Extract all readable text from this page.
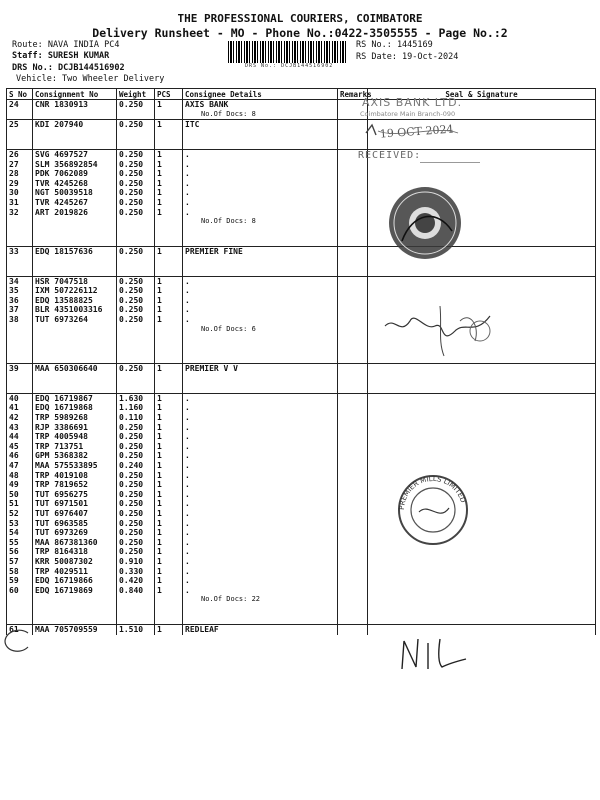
THE PROFESSIONAL COURIERS, COIMBATORE
Delivery Runsheet - MO - Phone No.:0422-3505555 - Page No.:2
Route: NAVA INDIA PC4
Staff: SURESH KUMAR
DRS No.: DCJB144516902
Vehicle: Two Wheeler Delivery
DRS No.: DCJB144516902
RS No.: 1445169
RS Date: 19-Oct-2024
S No	Consignment No	Weight	PCS	Consignee Details	Remarks	Seal & Signature
24	CNR 1830913	0.250	1	AXIS BANK		
				No.Of Docs: 8		
25	KDI 207940	0.250	1	ITC		

26	SVG 4697527	0.250	1	.		
27	SLM 356892854	0.250	1	.		
28	PDK 7062089	0.250	1	.		
29	TVR 4245268	0.250	1	.		
30	NGT 50039518	0.250	1	.		
31	TVR 4245267	0.250	1	.		
32	ART 2019826	0.250	1	.		
				No.Of Docs: 8		

33	EDQ 18157636	0.250	1	PREMIER FINE		

34	HSR 7047518	0.250	1	.		
35	IXM 507226112	0.250	1	.		
36	EDQ 13588825	0.250	1	.		
37	BLR 4351003316	0.250	1	.		
38	TUT 6973264	0.250	1	.		
				No.Of Docs: 6		

39	MAA 650306640	0.250	1	PREMIER V V		

40	EDQ 16719867	1.630	1	.		
41	EDQ 16719868	1.160	1	.		
42	TRP 5989268	0.110	1	.		
43	RJP 3386691	0.250	1	.		
44	TRP 4005948	0.250	1	.		
45	TRP 713751	0.250	1	.		
46	GPM 5368382	0.250	1	.		
47	MAA 575533895	0.240	1	.		
48	TRP 4019108	0.250	1	.		
49	TRP 7819652	0.250	1	.		
50	TUT 6956275	0.250	1	.		
51	TUT 6971501	0.250	1	.		
52	TUT 6976407	0.250	1	.		
53	TUT 6963585	0.250	1	.		
54	TUT 6973269	0.250	1	.		
55	MAA 867381360	0.250	1	.		
56	TRP 8164318	0.250	1	.		
57	KRR 50087302	0.910	1	.		
58	TRP 4029511	0.330	1	.		
59	EDQ 16719866	0.420	1	.		
60	EDQ 16719869	0.840	1	.		
				No.Of Docs: 22		

61	MAA 705709559	1.510	1	REDLEAF		
AXIS BANK LTD.
Coimbatore Main Branch-090
19 OCT 2024
RECEIVED:
PREMIER MILLS LIMITED
